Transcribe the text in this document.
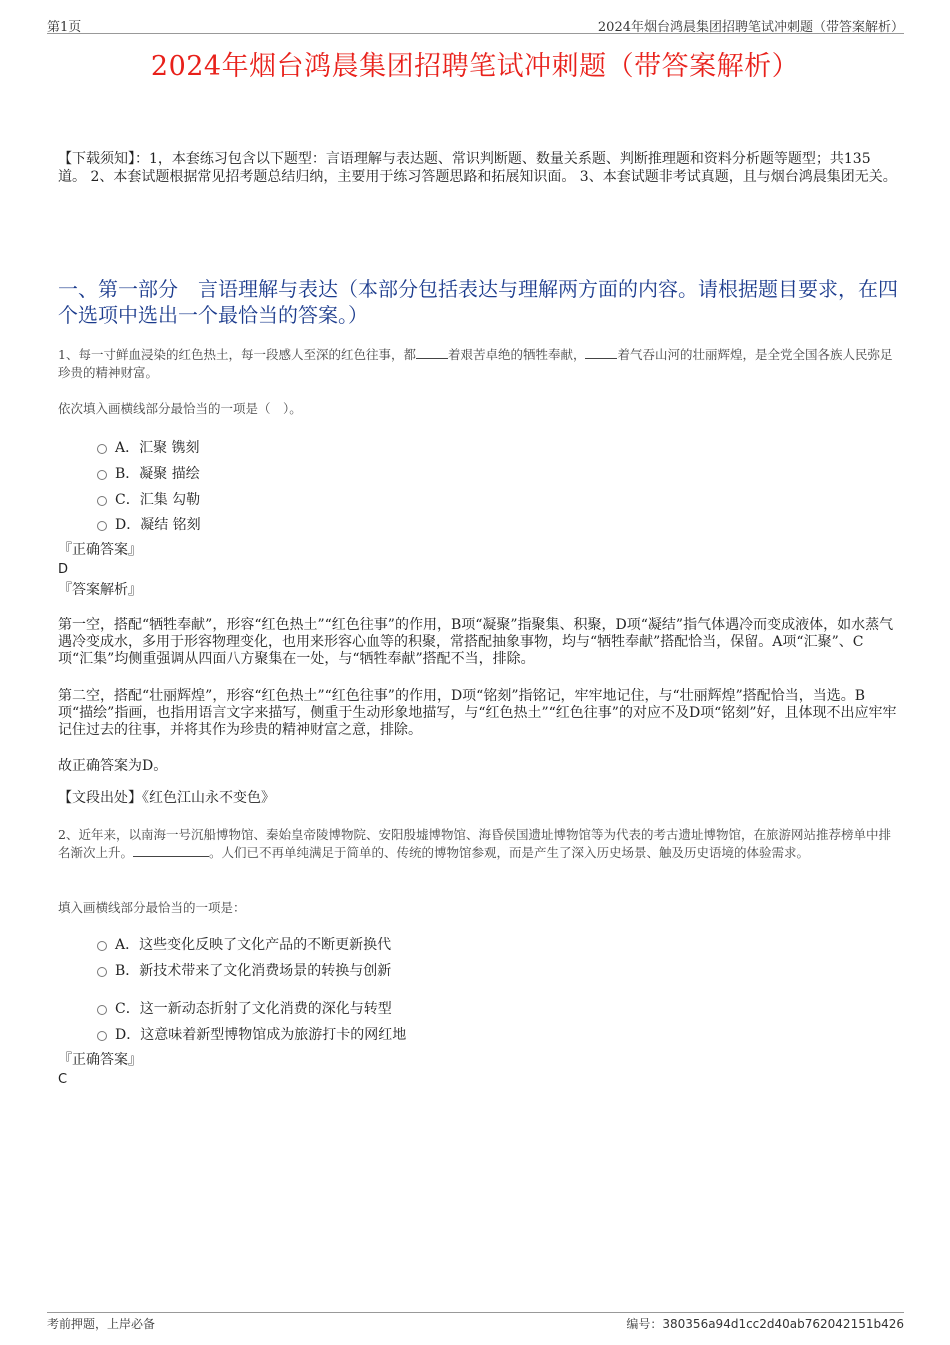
第1页	2024年烟台鸿晨集团招聘笔试冲刺题（带答案解析）
2024年烟台鸿晨集团招聘笔试冲刺题（带答案解析）
【下载须知】：1，本套练习包含以下题型：言语理解与表达题、常识判断题、数量关系题、判断推理题和资料分析题等题型；共135道。 2、本套试题根据常见招考题总结归纳，主要用于练习答题思路和拓展知识面。 3、本套试题非考试真题，且与烟台鸿晨集团无关。
一、第一部分　言语理解与表达（本部分包括表达与理解两方面的内容。请根据题目要求，在四个选项中选出一个最恰当的答案。）
1、每一寸鲜血浸染的红色热土，每一段感人至深的红色往事，都	着艰苦卓绝的牺牲奉献，	着气吞山河的壮丽辉煌，是全党全国各族人民弥足珍贵的精神财富。
依次填入画横线部分最恰当的一项是（　）。
A．汇聚 镌刻
B．凝聚 描绘
C．汇集 勾勒
D．凝结 铭刻
『正确答案』
D
『答案解析』
第一空，搭配“牺牲奉献”，形容“红色热土”“红色往事”的作用，B项“凝聚”指聚集、积聚，D项“凝结”指气体遇冷而变成液体，如水蒸气遇冷变成水，多用于形容物理变化，也用来形容心血等的积聚，常搭配抽象事物，均与“牺牲奉献”搭配恰当，保留。A项“汇聚”、C项“汇集”均侧重强调从四面八方聚集在一处，与“牺牲奉献”搭配不当，排除。
第二空，搭配“壮丽辉煌”，形容“红色热土”“红色往事”的作用，D项“铭刻”指铭记，牢牢地记住，与“壮丽辉煌”搭配恰当，当选。B项“描绘”指画，也指用语言文字来描写，侧重于生动形象地描写，与“红色热土”“红色往事”的对应不及D项“铭刻”好，且体现不出应牢牢记住过去的往事，并将其作为珍贵的精神财富之意，排除。
故正确答案为D。
【文段出处】《红色江山永不变色》
2、近年来，以南海一号沉船博物馆、秦始皇帝陵博物院、安阳殷墟博物馆、海昏侯国遗址博物馆等为代表的考古遗址博物馆，在旅游网站推荐榜单中排名渐次上升。	。人们已不再单纯满足于简单的、传统的博物馆参观，而是产生了深入历史场景、触及历史语境的体验需求。
填入画横线部分最恰当的一项是：
A．这些变化反映了文化产品的不断更新换代
B．新技术带来了文化消费场景的转换与创新
C．这一新动态折射了文化消费的深化与转型
D．这意味着新型博物馆成为旅游打卡的网红地
『正确答案』
C
考前押题，上岸必备	编号：380356a94d1cc2d40ab762042151b426
